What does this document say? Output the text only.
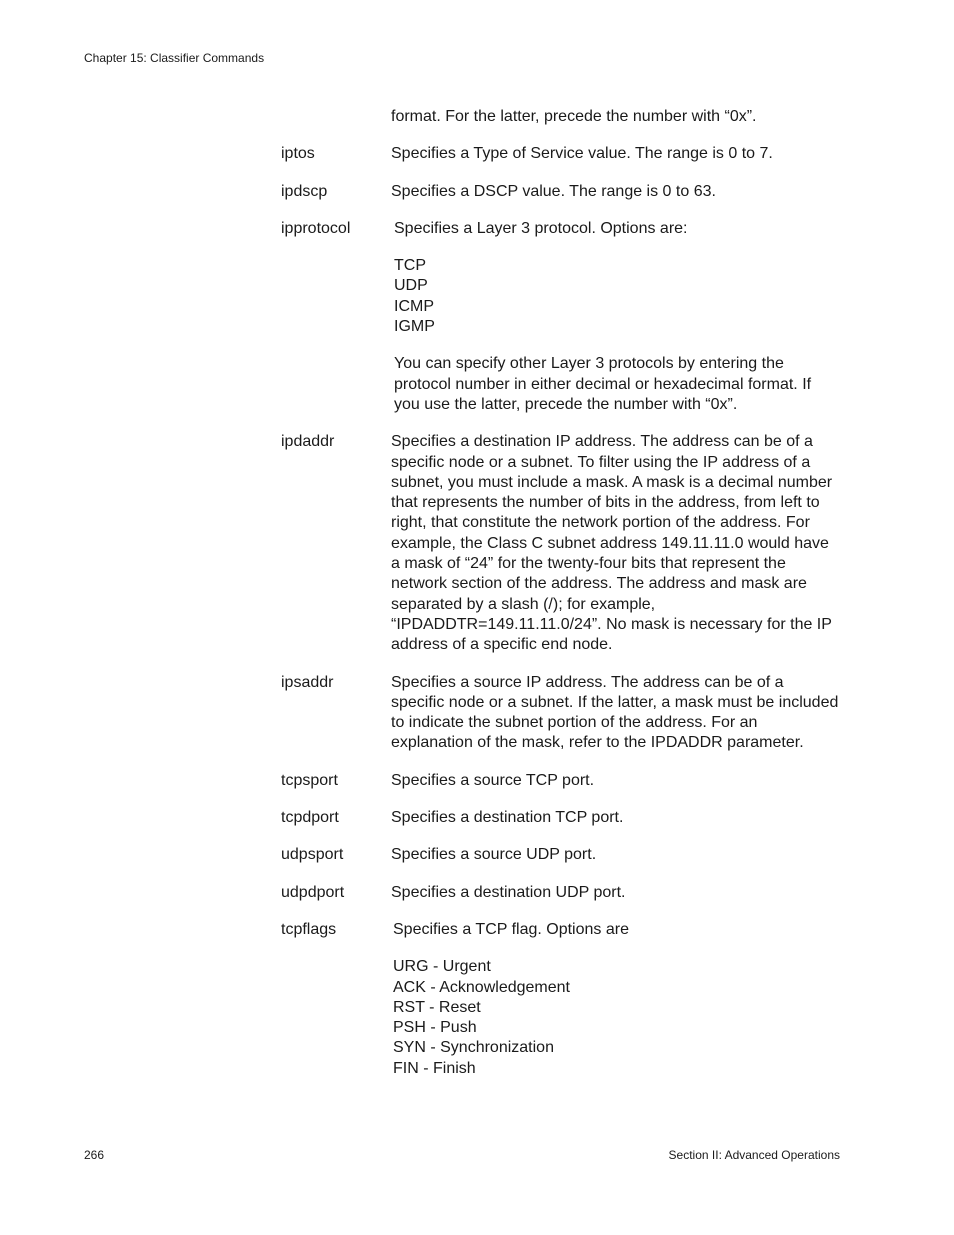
Chapter 15: Classifier Commands
format. For the latter, precede the number with “0x”.
iptos	Specifies a Type of Service value. The range is 0 to 7.

ipdscp	Specifies a DSCP value. The range is 0 to 63.

ipprotocol	Specifies a Layer 3 protocol. Options are:

TCP
UDP
ICMP
IGMP

You can specify other Layer 3 protocols by entering the protocol number in either decimal or hexadecimal format. If you use the latter, precede the number with “0x”.

ipdaddr	Specifies a destination IP address. The address can be of a specific node or a subnet. To filter using the IP address of a subnet, you must include a mask. A mask is a decimal number that represents the number of bits in the address, from left to right, that constitute the network portion of the address. For example, the Class C subnet address 149.11.11.0 would have a mask of “24” for the twenty-four bits that represent the network section of the address. The address and mask are separated by a slash (/); for example, “IPDADDTR=149.11.11.0/24”. No mask is necessary for the IP address of a specific end node.

ipsaddr	Specifies a source IP address. The address can be of a specific node or a subnet. If the latter, a mask must be included to indicate the subnet portion of the address. For an explanation of the mask, refer to the IPDADDR parameter.

tcpsport	Specifies a source TCP port.

tcpdport	Specifies a destination TCP port.

udpsport	Specifies a source UDP port.

udpdport	Specifies a destination UDP port.

tcpflags	Specifies a TCP flag. Options are

URG - Urgent
ACK - Acknowledgement
RST - Reset
PSH - Push
SYN - Synchronization
FIN - Finish
266	Section II: Advanced Operations
